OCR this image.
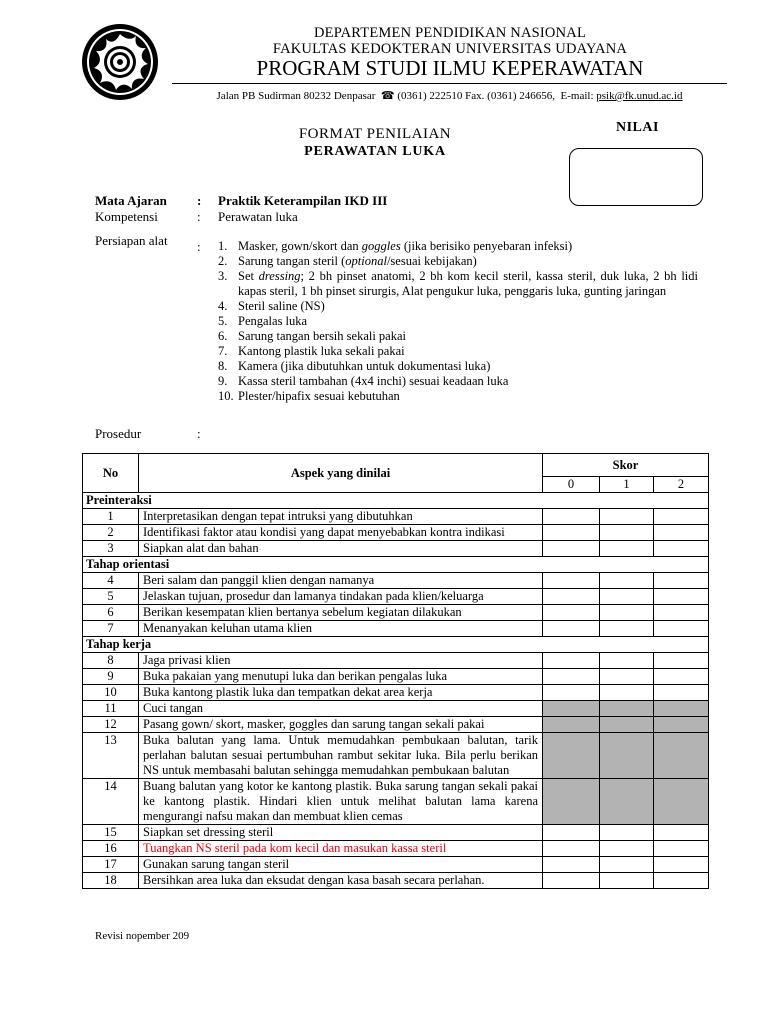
DEPARTEMEN PENDIDIKAN NASIONAL
FAKULTAS KEDOKTERAN UNIVERSITAS UDAYANA
PROGRAM STUDI ILMU KEPERAWATAN
Jalan PB Sudirman 80232 Denpasar ☎ (0361) 222510 Fax. (0361) 246656, E-mail: psik@fk.unud.ac.id
FORMAT PENILAIAN
PERAWATAN LUKA
NILAI
Mata Ajaran : Praktik Keterampilan IKD III
Kompetensi	: Perawatan luka
Persiapan alat : 1. Masker, gown/skort dan goggles (jika berisiko penyebaran infeksi)
2. Sarung tangan steril (optional/sesuai kebijakan)
3. Set dressing; 2 bh pinset anatomi, 2 bh kom kecil steril, kassa steril, duk luka, 2 bh lidi kapas steril, 1 bh pinset sirurgis, Alat pengukur luka, penggaris luka, gunting jaringan
4. Steril saline (NS)
5. Pengalas luka
6. Sarung tangan bersih sekali pakai
7. Kantong plastik luka sekali pakai
8. Kamera (jika dibutuhkan untuk dokumentasi luka)
9. Kassa steril tambahan (4x4 inchi) sesuai keadaan luka
10. Plester/hipafix sesuai kebutuhan
Prosedur	:
No	Aspek yang dinilai	Skor		
		0	1	2
Preinteraksi				
1	Interpretasikan dengan tepat intruksi yang dibutuhkan			
2	Identifikasi faktor atau kondisi yang dapat menyebabkan kontra indikasi			
3	Siapkan alat dan bahan			
Tahap orientasi				
4	Beri salam dan panggil klien dengan namanya			
5	Jelaskan tujuan, prosedur dan lamanya tindakan pada klien/keluarga			
6	Berikan kesempatan klien bertanya sebelum kegiatan dilakukan			
7	Menanyakan keluhan utama klien			
Tahap kerja				
8	Jaga privasi klien			
9	Buka pakaian yang menutupi luka dan berikan pengalas luka			
10	Buka kantong plastik luka dan tempatkan dekat area kerja			
11	Cuci tangan			
12	Pasang gown/ skort, masker, goggles dan sarung tangan sekali pakai			
13	Buka balutan yang lama. Untuk memudahkan pembukaan balutan, tarik perlahan balutan sesuai pertumbuhan rambut sekitar luka. Bila perlu berikan NS untuk membasahi balutan sehingga memudahkan pembukaan balutan			
14	Buang balutan yang kotor ke kantong plastik. Buka sarung tangan sekali pakai ke kantong plastik. Hindari klien untuk melihat balutan lama karena mengurangi nafsu makan dan membuat klien cemas			
15	Siapkan set dressing steril			
16	Tuangkan NS steril pada kom kecil dan masukan kassa steril			
17	Gunakan sarung tangan steril			
18	Bersihkan area luka dan eksudat dengan kasa basah secara perlahan.			
Revisi nopember 209
